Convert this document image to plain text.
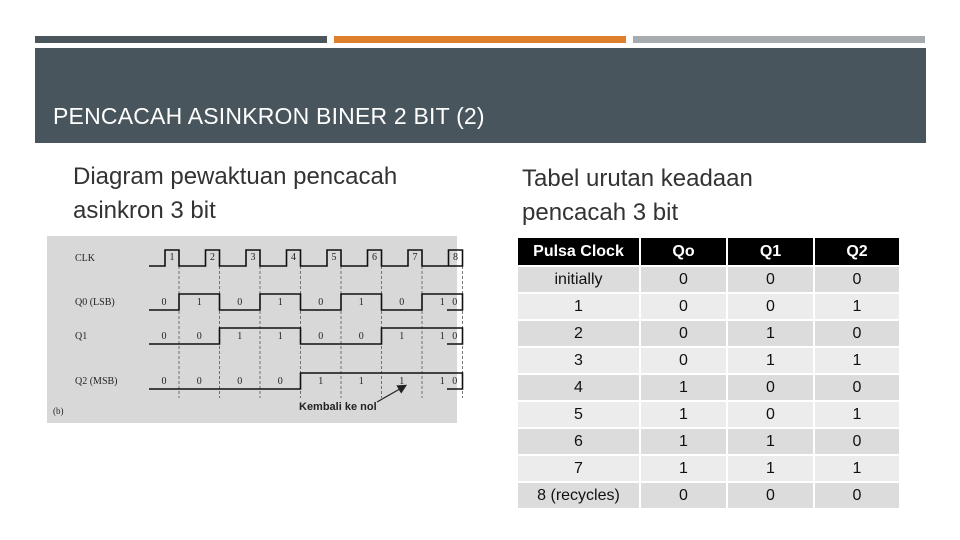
PENCACAH ASINKRON BINER 2 BIT (2)
Diagram pewaktuan pencacah asinkron 3 bit
Tabel urutan keadaan pencacah 3 bit
CLK
Q0 (LSB)
Q1
Q2 (MSB)
0	1	0	1	0	1	0	1 0
0	0	1	1	0	0	1	1 0
0	0	0	0	1	1	1	1 0
1	2	3	4	5	6	7	8
(b)	Kembali ke nol
Pulsa Clock	Qo	Q1	Q2
initially	0	0	0
1	0	0	1
2	0	1	0
3	0	1	1
4	1	0	0
5	1	0	1
6	1	1	0
7	1	1	1
8 (recycles)	0	0	0
